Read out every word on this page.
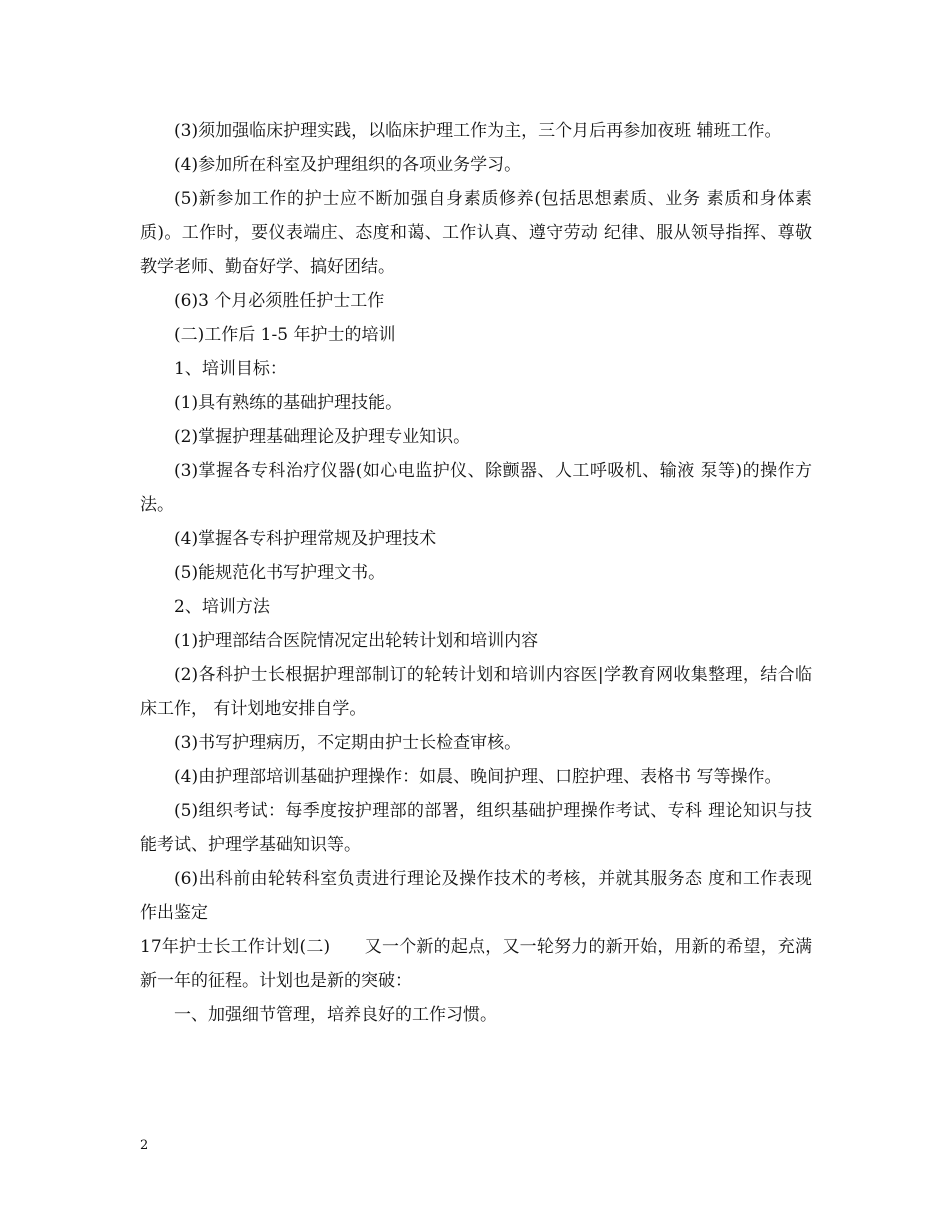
(3)须加强临床护理实践，以临床护理工作为主，三个月后再参加夜班 辅班工作。

(4)参加所在科室及护理组织的各项业务学习。

(5)新参加工作的护士应不断加强自身素质修养(包括思想素质、业务 素质和身体素质)。工作时，要仪表端庄、态度和蔼、工作认真、遵守劳动 纪律、服从领导指挥、尊敬教学老师、勤奋好学、搞好团结。

(6)3 个月必须胜任护士工作

(二)工作后 1-5 年护士的培训

1、培训目标：

(1)具有熟练的基础护理技能。

(2)掌握护理基础理论及护理专业知识。

(3)掌握各专科治疗仪器(如心电监护仪、除颤器、人工呼吸机、输液 泵等)的操作方法。

(4)掌握各专科护理常规及护理技术

(5)能规范化书写护理文书。

2、培训方法

(1)护理部结合医院情况定出轮转计划和培训内容

(2)各科护士长根据护理部制订的轮转计划和培训内容医|学教育网收集整理，结合临床工作， 有计划地安排自学。

(3)书写护理病历，不定期由护士长检查审核。

(4)由护理部培训基础护理操作：如晨、晚间护理、口腔护理、表格书 写等操作。

(5)组织考试：每季度按护理部的部署，组织基础护理操作考试、专科 理论知识与技能考试、护理学基础知识等。

(6)出科前由轮转科室负责进行理论及操作技术的考核，并就其服务态 度和工作表现作出鉴定

17年护士长工作计划(二)　　又一个新的起点，又一轮努力的新开始，用新的希望，充满新一年的征程。计划也是新的突破：

一、加强细节管理，培养良好的工作习惯。

2
